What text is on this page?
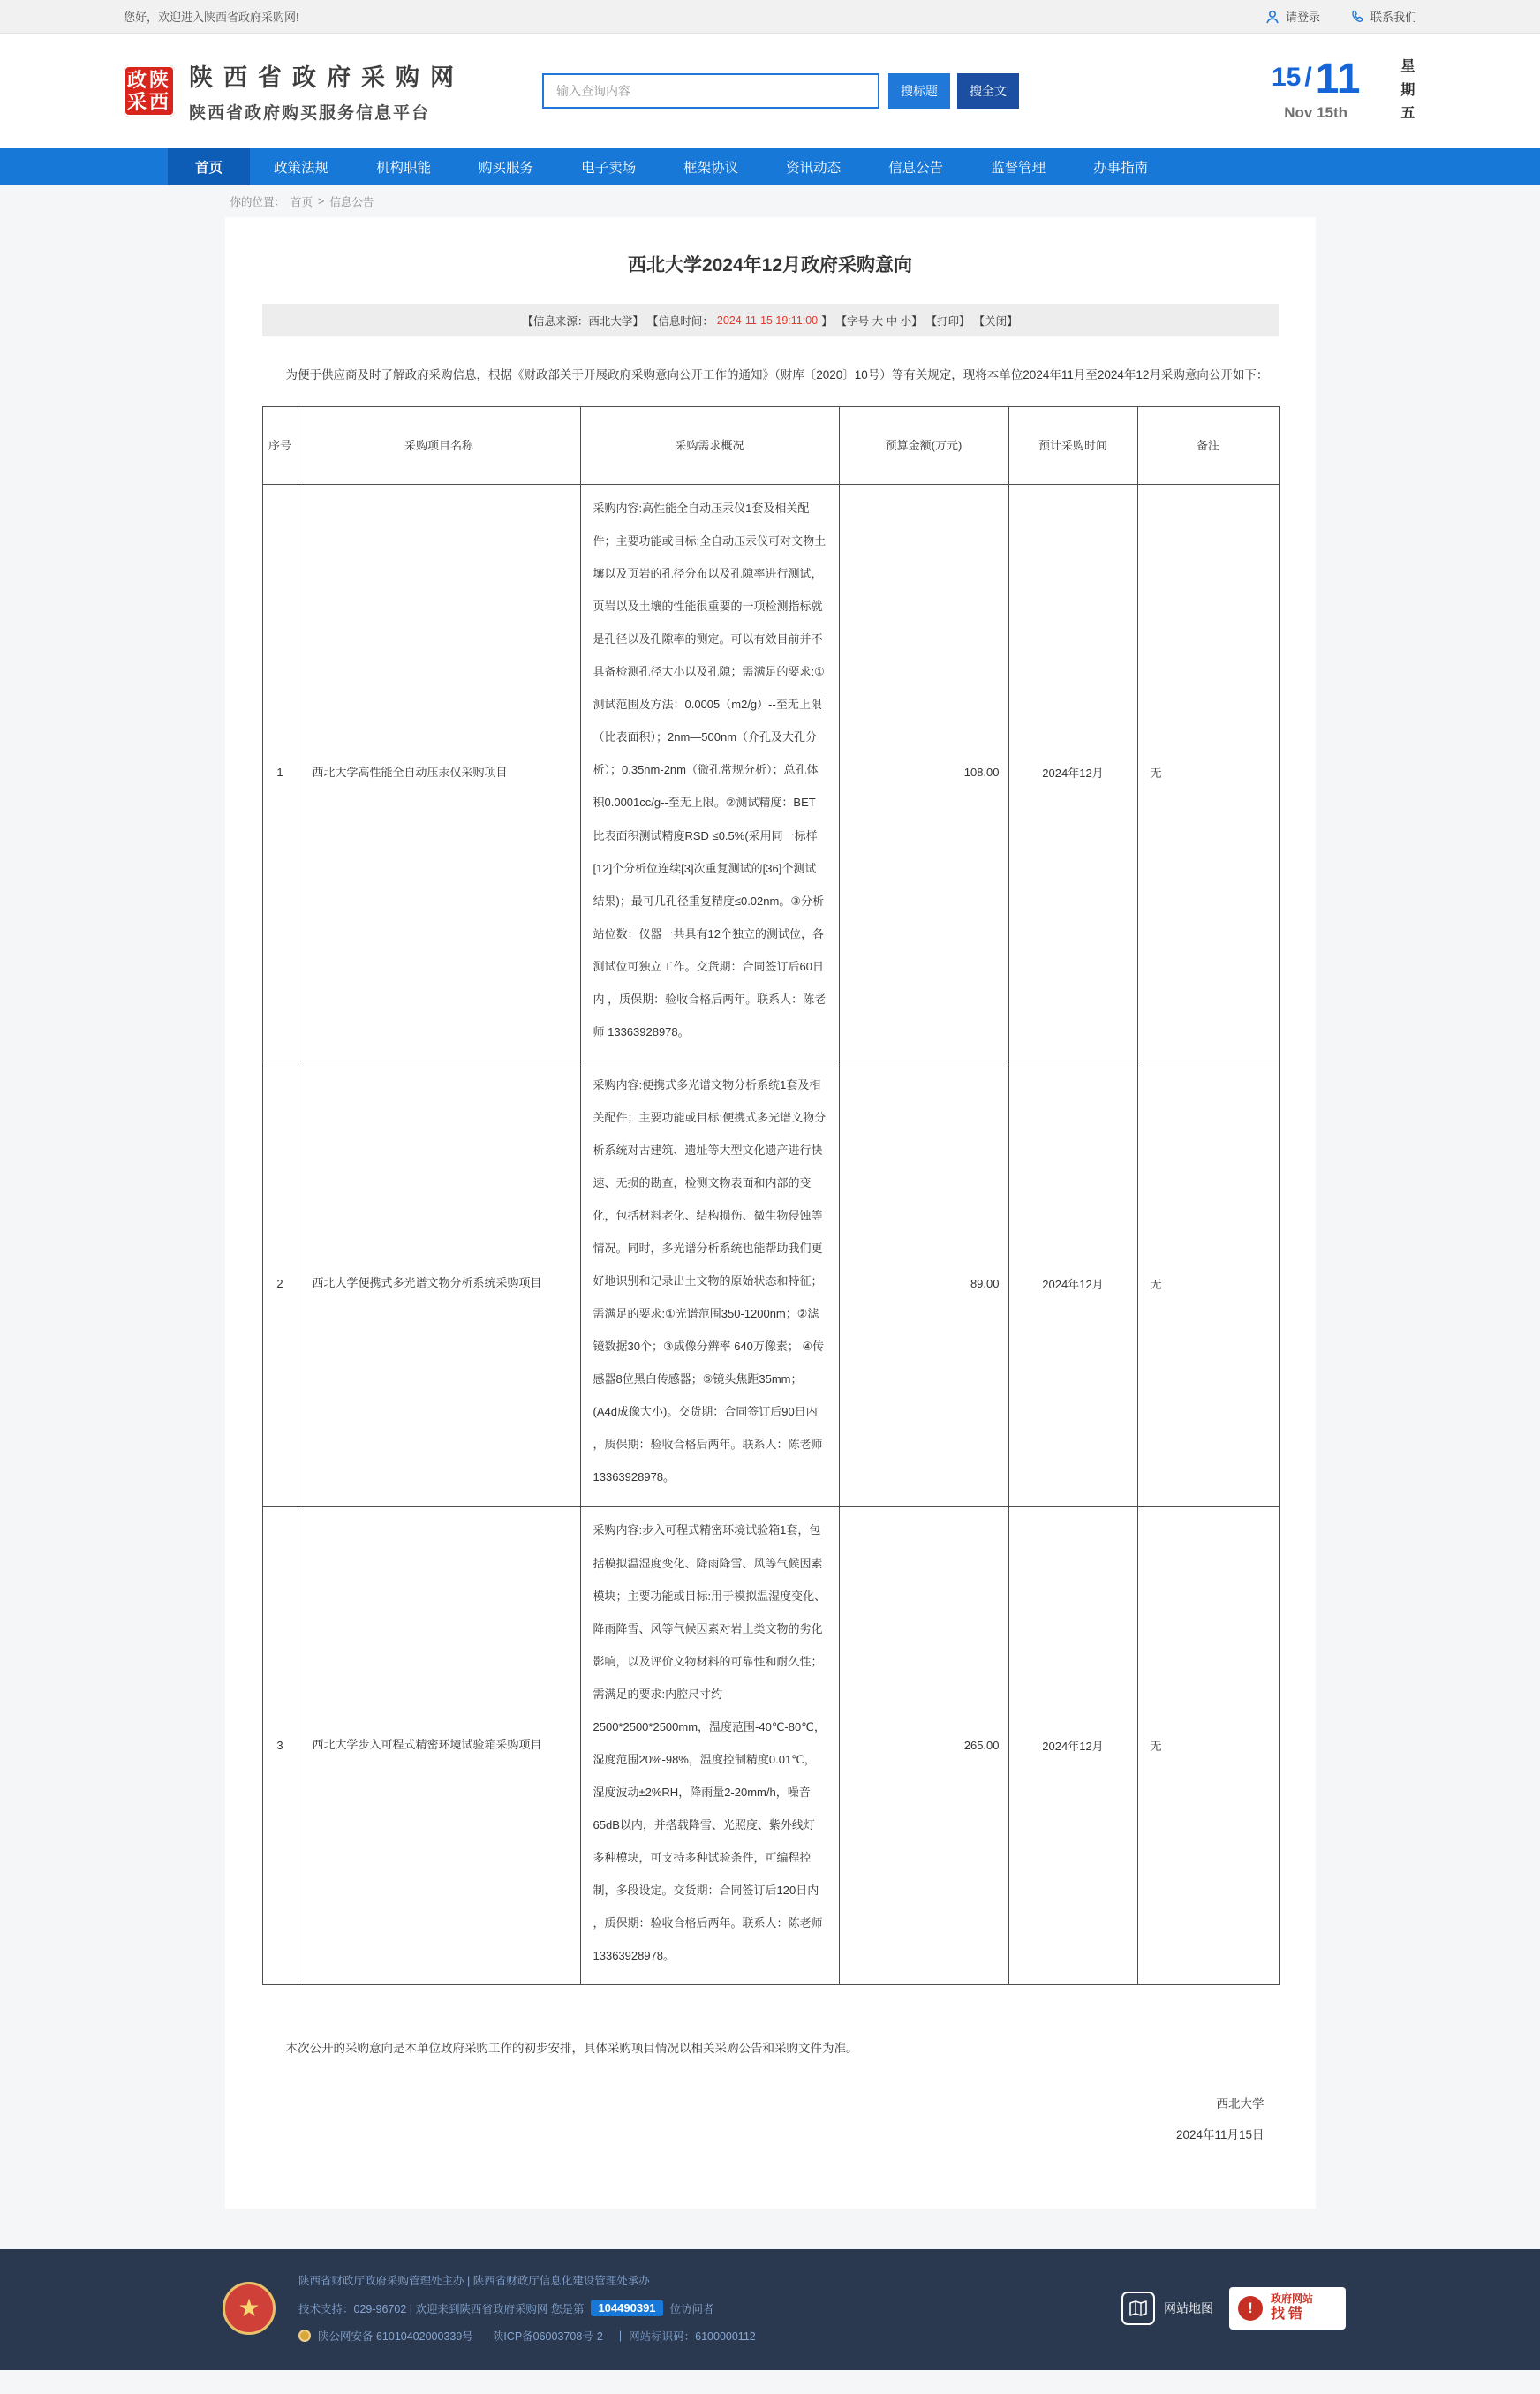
您好，欢迎进入陕西省政府采购网!	请登录	联系我们
政陕
采西
陕西省政府采购网
陕西省政府购买服务信息平台
输入查询内容
搜标题	搜全文	15 / 11
Nov 15th
星期五
首页	政策法规	机构职能	购买服务	电子卖场	框架协议	资讯动态	信息公告	监督管理	办事指南
你的位置： 首页 > 信息公告
西北大学2024年12月政府采购意向
【信息来源：西北大学】 【信息时间： 2024-11-15 19:11:00 】 【字号 大 中 小】 【打印】 【关闭】

为便于供应商及时了解政府采购信息，根据《财政部关于开展政府采购意向公开工作的通知》（财库〔2020〕10号）等有关规定，现将本单位2024年11月至2024年12月采购意向公开如下：

序号	采购项目名称	采购需求概况	预算金额(万元)	预计采购时间	备注
1	西北大学高性能全自动压汞仪采购项目	采购内容:高性能全自动压汞仪1套及相关配件；主要功能或目标:全自动压汞仪可对文物土壤以及页岩的孔径分布以及孔隙率进行测试，页岩以及土壤的性能很重要的一项检测指标就是孔径以及孔隙率的测定。可以有效目前并不具备检测孔径大小以及孔隙；需满足的要求:①测试范围及方法：0.0005（m2/g）--至无上限（比表面积）；2nm—500nm（介孔及大孔分析）；0.35nm-2nm（微孔常规分析）；总孔体积0.0001cc/g--至无上限。②测试精度：BET比表面积测试精度RSD ≤0.5%(采用同一标样[12]个分析位连续[3]次重复测试的[36]个测试结果)；最可几孔径重复精度≤0.02nm。③分析站位数：仪器一共具有12个独立的测试位，各测试位可独立工作。交货期：合同签订后60日内 ，质保期：验收合格后两年。联系人：陈老师 13363928978。	108.00	2024年12月	无
2	西北大学便携式多光谱文物分析系统采购项目	采购内容:便携式多光谱文物分析系统1套及相关配件；主要功能或目标:便携式多光谱文物分析系统对古建筑、遗址等大型文化遗产进行快速、无损的勘查，检测文物表面和内部的变化，包括材料老化、结构损伤、微生物侵蚀等情况。同时，多光谱分析系统也能帮助我们更好地识别和记录出土文物的原始状态和特征；需满足的要求:①光谱范围350-1200nm；②滤镜数据30个；③成像分辨率 640万像素； ④传感器8位黑白传感器；⑤镜头焦距35mm；(A4d成像大小)。交货期：合同签订后90日内 ，质保期：验收合格后两年。联系人：陈老师 13363928978。	89.00	2024年12月	无
3	西北大学步入可程式精密环境试验箱采购项目	采购内容:步入可程式精密环境试验箱1套，包括模拟温湿度变化、降雨降雪、风等气候因素模块；主要功能或目标:用于模拟温湿度变化、降雨降雪、风等气候因素对岩土类文物的劣化影响，以及评价文物材料的可靠性和耐久性；需满足的要求:内腔尺寸约2500*2500*2500mm，温度范围-40℃-80℃，湿度范围20%-98%，温度控制精度0.01℃，湿度波动±2%RH，降雨量2-20mm/h，噪音65dB以内，并搭载降雪、光照度、紫外线灯多种模块，可支持多种试验条件，可编程控制，多段设定。交货期：合同签订后120日内 ，质保期：验收合格后两年。联系人：陈老师 13363928978。	265.00	2024年12月	无

本次公开的采购意向是本单位政府采购工作的初步安排，具体采购项目情况以相关采购公告和采购文件为准。

西北大学
2024年11月15日
★
陕西省财政厅政府采购管理处主办 | 陕西省财政厅信息化建设管理处承办
技术支持：029-96702 | 欢迎来到陕西省政府采购网 您是第	104490391	位访问者
陕公网安备 61010402000339号 陕ICP备06003708号-2 | 网站标识码：6100000112
网站地图	!
政府网站
找错
